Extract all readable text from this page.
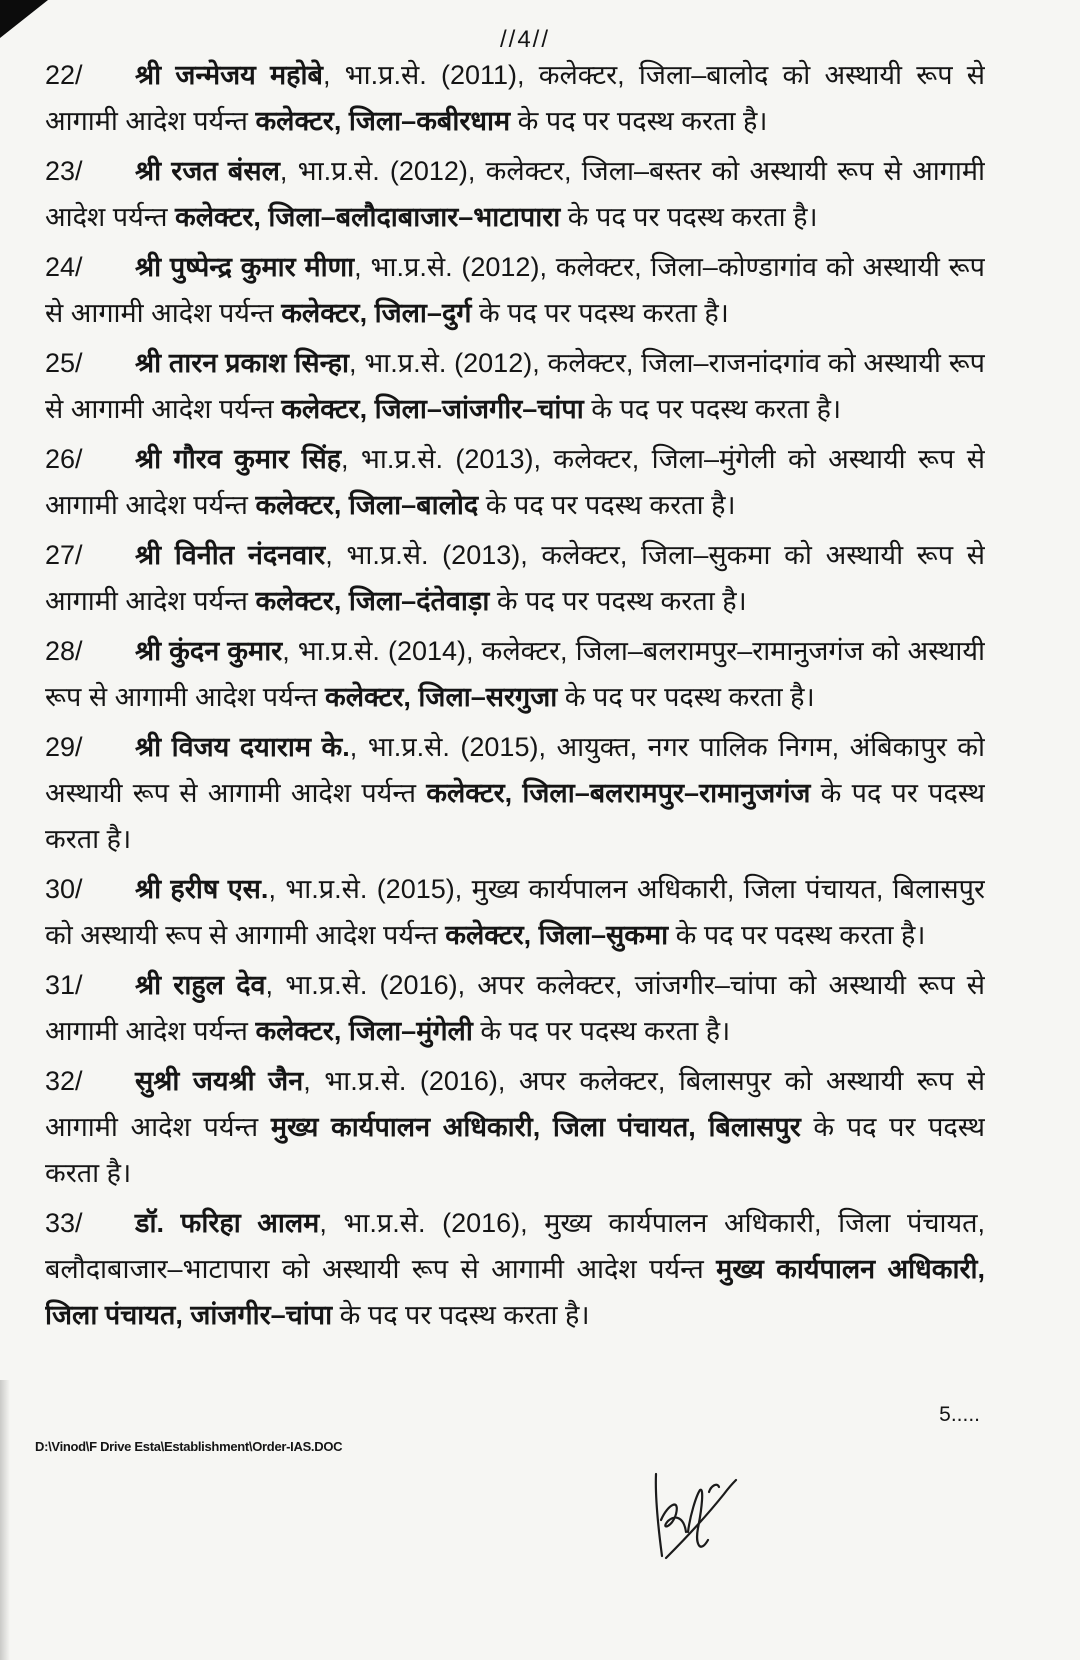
//4//

22/ श्री जन्मेजय महोबे, भा.प्र.से. (2011), कलेक्टर, जिला–बालोद को अस्थायी रूप से आगामी आदेश पर्यन्त कलेक्टर, जिला–कबीरधाम के पद पर पदस्थ करता है।

23/ श्री रजत बंसल, भा.प्र.से. (2012), कलेक्टर, जिला–बस्तर को अस्थायी रूप से आगामी आदेश पर्यन्त कलेक्टर, जिला–बलौदाबाजार–भाटापारा के पद पर पदस्थ करता है।

24/ श्री पुष्पेन्द्र कुमार मीणा, भा.प्र.से. (2012), कलेक्टर, जिला–कोण्डागांव को अस्थायी रूप से आगामी आदेश पर्यन्त कलेक्टर, जिला–दुर्ग के पद पर पदस्थ करता है।

25/ श्री तारन प्रकाश सिन्हा, भा.प्र.से. (2012), कलेक्टर, जिला–राजनांदगांव को अस्थायी रूप से आगामी आदेश पर्यन्त कलेक्टर, जिला–जांजगीर–चांपा के पद पर पदस्थ करता है।

26/ श्री गौरव कुमार सिंह, भा.प्र.से. (2013), कलेक्टर, जिला–मुंगेली को अस्थायी रूप से आगामी आदेश पर्यन्त कलेक्टर, जिला–बालोद के पद पर पदस्थ करता है।

27/ श्री विनीत नंदनवार, भा.प्र.से. (2013), कलेक्टर, जिला–सुकमा को अस्थायी रूप से आगामी आदेश पर्यन्त कलेक्टर, जिला–दंतेवाड़ा के पद पर पदस्थ करता है।

28/ श्री कुंदन कुमार, भा.प्र.से. (2014), कलेक्टर, जिला–बलरामपुर–रामानुजगंज को अस्थायी रूप से आगामी आदेश पर्यन्त कलेक्टर, जिला–सरगुजा के पद पर पदस्थ करता है।

29/ श्री विजय दयाराम के., भा.प्र.से. (2015), आयुक्त, नगर पालिक निगम, अंबिकापुर को अस्थायी रूप से आगामी आदेश पर्यन्त कलेक्टर, जिला–बलरामपुर–रामानुजगंज के पद पर पदस्थ करता है।

30/ श्री हरीष एस., भा.प्र.से. (2015), मुख्य कार्यपालन अधिकारी, जिला पंचायत, बिलासपुर को अस्थायी रूप से आगामी आदेश पर्यन्त कलेक्टर, जिला–सुकमा के पद पर पदस्थ करता है।

31/ श्री राहुल देव, भा.प्र.से. (2016), अपर कलेक्टर, जांजगीर–चांपा को अस्थायी रूप से आगामी आदेश पर्यन्त कलेक्टर, जिला–मुंगेली के पद पर पदस्थ करता है।

32/ सुश्री जयश्री जैन, भा.प्र.से. (2016), अपर कलेक्टर, बिलासपुर को अस्थायी रूप से आगामी आदेश पर्यन्त मुख्य कार्यपालन अधिकारी, जिला पंचायत, बिलासपुर के पद पर पदस्थ करता है।

33/ डॉ. फरिहा आलम, भा.प्र.से. (2016), मुख्य कार्यपालन अधिकारी, जिला पंचायत, बलौदाबाजार–भाटापारा को अस्थायी रूप से आगामी आदेश पर्यन्त मुख्य कार्यपालन अधिकारी, जिला पंचायत, जांजगीर–चांपा के पद पर पदस्थ करता है।

5.....
D:\Vinod\F Drive Esta\Establishment\Order-IAS.DOC
